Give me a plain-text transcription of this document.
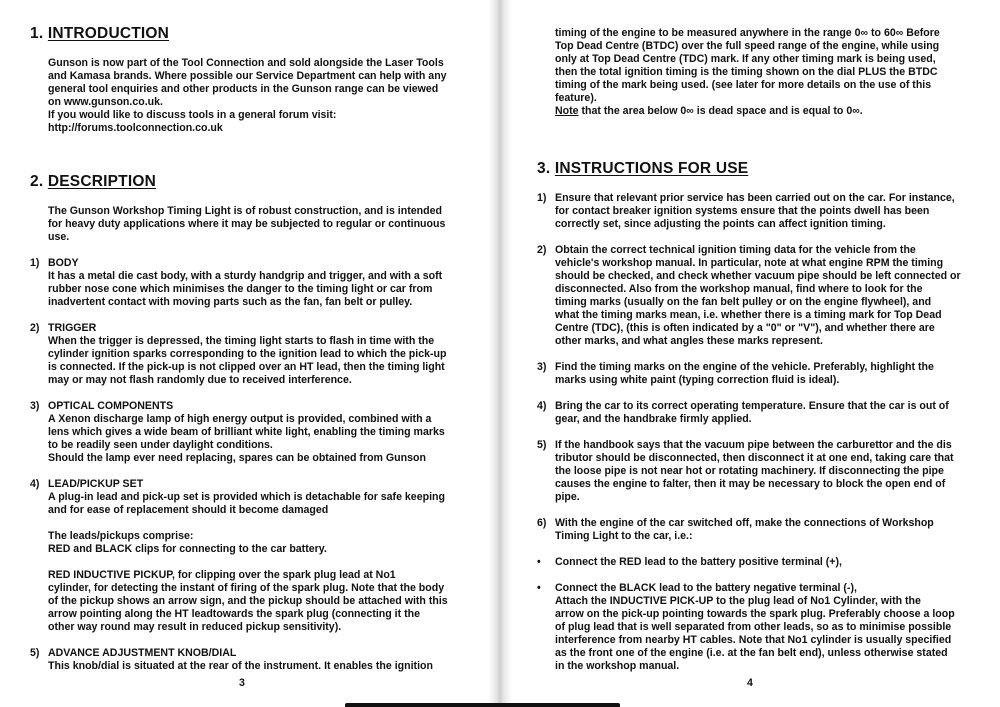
1. INTRODUCTION

Gunson is now part of the Tool Connection and sold alongside the Laser Tools

and Kamasa brands. Where possible our Service Department can help with any

general tool enquiries and other products in the Gunson range can be viewed

on www.gunson.co.uk.

If you would like to discuss tools in a general forum visit:

http://forums.toolconnection.co.uk

2. DESCRIPTION

The Gunson Workshop Timing Light is of robust construction, and is intended

for heavy duty applications where it may be subjected to regular or continuous

use.

1) BODY

It has a metal die cast body, with a sturdy handgrip and trigger, and with a soft

rubber nose cone which minimises the danger to the timing light or car from

inadvertent contact with moving parts such as the fan, fan belt or pulley.

2) TRIGGER

When the trigger is depressed, the timing light starts to flash in time with the

cylinder ignition sparks corresponding to the ignition lead to which the pick-up

is connected. If the pick-up is not clipped over an HT lead, then the timing light

may or may not flash randomly due to received interference.

3) OPTICAL COMPONENTS

A Xenon discharge lamp of high energy output is provided, combined with a

lens which gives a wide beam of brilliant white light, enabling the timing marks

to be readily seen under daylight conditions.

Should the lamp ever need replacing, spares can be obtained from Gunson

4) LEAD/PICKUP SET

A plug-in lead and pick-up set is provided which is detachable for safe keeping

and for ease of replacement should it become damaged

The leads/pickups comprise:

RED and BLACK clips for connecting to the car battery.

RED INDUCTIVE PICKUP, for clipping over the spark plug lead at No1

cylinder, for detecting the instant of firing of the spark plug. Note that the body

of the pickup shows an arrow sign, and the pickup should be attached with this

arrow pointing along the HT leadtowards the spark plug (connecting it the

other way round may result in reduced pickup sensitivity).

5) ADVANCE ADJUSTMENT KNOB/DIAL

This knob/dial is situated at the rear of the instrument. It enables the ignition

3

timing of the engine to be measured anywhere in the range 0∞ to 60∞ Before

Top Dead Centre (BTDC) over the full speed range of the engine, while using

only at Top Dead Centre (TDC) mark. If any other timing mark is being used,

then the total ignition timing is the timing shown on the dial PLUS the BTDC

timing of the mark being used. (see later for more details on the use of this

feature).

Note that the area below 0∞ is dead space and is equal to 0∞.

3. INSTRUCTIONS FOR USE
1) Ensure that relevant prior service has been carried out on the car. For instance,

for contact breaker ignition systems ensure that the points dwell has been

correctly set, since adjusting the points can affect ignition timing.

2) Obtain the correct technical ignition timing data for the vehicle from the

vehicle's workshop manual. In particular, note at what engine RPM the timing

should be checked, and check whether vacuum pipe should be left connected or

disconnected. Also from the workshop manual, find where to look for the

timing marks (usually on the fan belt pulley or on the engine flywheel), and

what the timing marks mean, i.e. whether there is a timing mark for Top Dead

Centre (TDC), (this is often indicated by a "0" or "V"), and whether there are

other marks, and what angles these marks represent.

3) Find the timing marks on the engine of the vehicle. Preferably, highlight the

marks using white paint (typing correction fluid is ideal).

4) Bring the car to its correct operating temperature. Ensure that the car is out of

gear, and the handbrake firmly applied.

5) If the handbook says that the vacuum pipe between the carburettor and the dis

tributor should be disconnected, then disconnect it at one end, taking care that

the loose pipe is not near hot or rotating machinery. If disconnecting the pipe

causes the engine to falter, then it may be necessary to block the open end of

pipe.

6) With the engine of the car switched off, make the connections of Workshop

Timing Light to the car, i.e.:

• Connect the RED lead to the battery positive terminal (+),

• Connect the BLACK lead to the battery negative terminal (-),

Attach the INDUCTIVE PICK-UP to the plug lead of No1 Cylinder, with the

arrow on the pick-up pointing towards the spark plug. Preferably choose a loop

of plug lead that is well separated from other leads, so as to minimise possible

interference from nearby HT cables. Note that No1 cylinder is usually specified

as the front one of the engine (i.e. at the fan belt end), unless otherwise stated

in the workshop manual.

4
